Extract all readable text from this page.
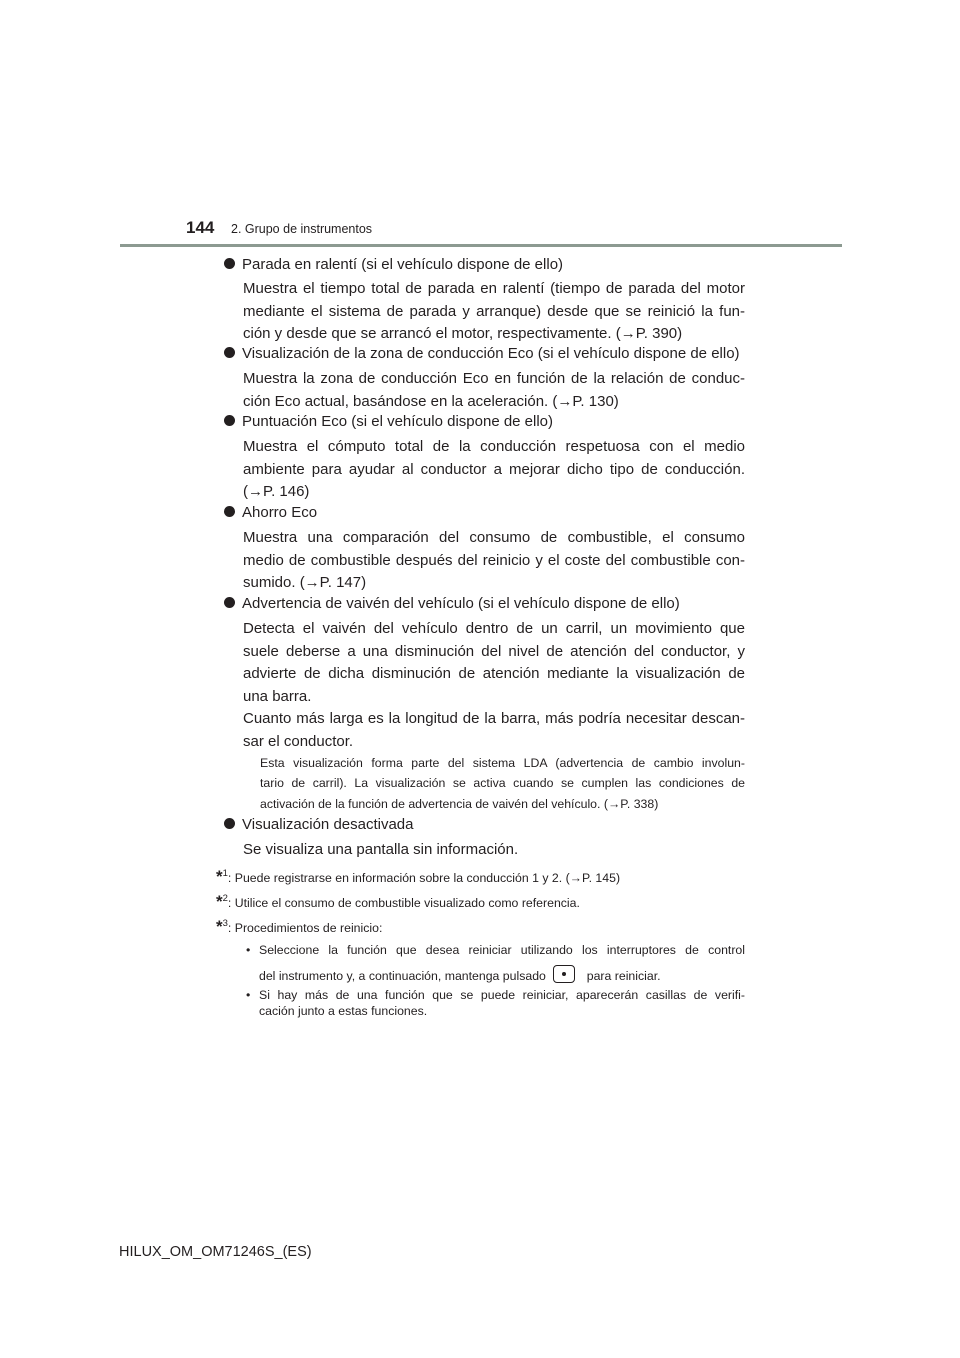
144 2. Grupo de instrumentos
Parada en ralentí (si el vehículo dispone de ello)
Muestra el tiempo total de parada en ralentí (tiempo de parada del motor
mediante el sistema de parada y arranque) desde que se reinició la fun-
ción y desde que se arrancó el motor, respectivamente. (→P. 390)
Visualización de la zona de conducción Eco (si el vehículo dispone de ello)
Muestra la zona de conducción Eco en función de la relación de conduc-
ción Eco actual, basándose en la aceleración. (→P. 130)
Puntuación Eco (si el vehículo dispone de ello)
Muestra el cómputo total de la conducción respetuosa con el medio
ambiente para ayudar al conductor a mejorar dicho tipo de conducción.
(→P. 146)
Ahorro Eco
Muestra una comparación del consumo de combustible, el consumo
medio de combustible después del reinicio y el coste del combustible con-
sumido. (→P. 147)
Advertencia de vaivén del vehículo (si el vehículo dispone de ello)
Detecta el vaivén del vehículo dentro de un carril, un movimiento que
suele deberse a una disminución del nivel de atención del conductor, y
advierte de dicha disminución de atención mediante la visualización de
una barra.
Cuanto más larga es la longitud de la barra, más podría necesitar descan-
sar el conductor.
Esta visualización forma parte del sistema LDA (advertencia de cambio involun-
tario de carril). La visualización se activa cuando se cumplen las condiciones de
activación de la función de advertencia de vaivén del vehículo. (→P. 338)
Visualización desactivada
Se visualiza una pantalla sin información.
*$^1$: Puede registrarse en información sobre la conducción 1 y 2. (→P. 145)
*$^2$: Utilice el consumo de combustible visualizado como referencia.
*$^3$: Procedimientos de reinicio:
• Seleccione la función que desea reiniciar utilizando los interruptores de control
del instrumento y, a continuación, mantenga pulsado	para reiniciar.
• Si hay más de una función que se puede reiniciar, aparecerán casillas de verifi-
cación junto a estas funciones.
HILUX_OM_OM71246S_(ES)
